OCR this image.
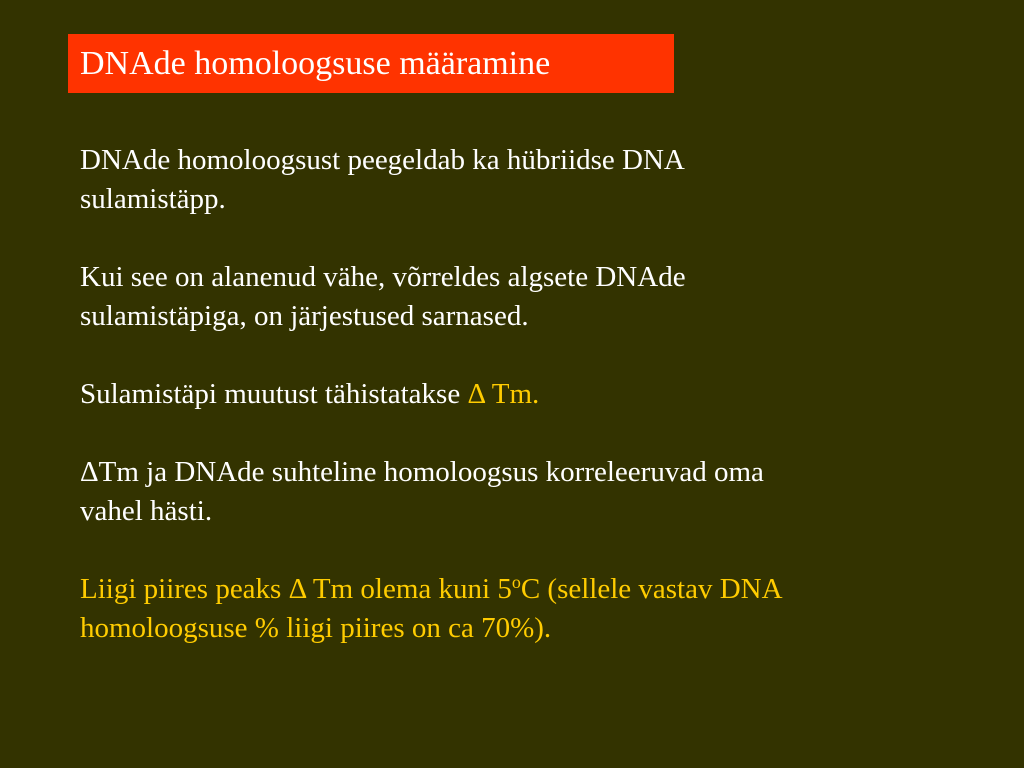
DNAde homoloogsuse määramine

DNAde homoloogsust peegeldab ka hübriidse DNA
sulamistäpp.

Kui see on alanenud vähe, võrreldes algsete DNAde
sulamistäpiga, on järjestused sarnased.

Sulamistäpi muutust tähistatakse Δ Tm.

ΔTm ja DNAde suhteline homoloogsus korreleeruvad oma
vahel hästi.

Liigi piires peaks Δ Tm olema kuni 5$^o$C (sellele vastav DNA
homoloogsuse % liigi piires on ca 70%).
